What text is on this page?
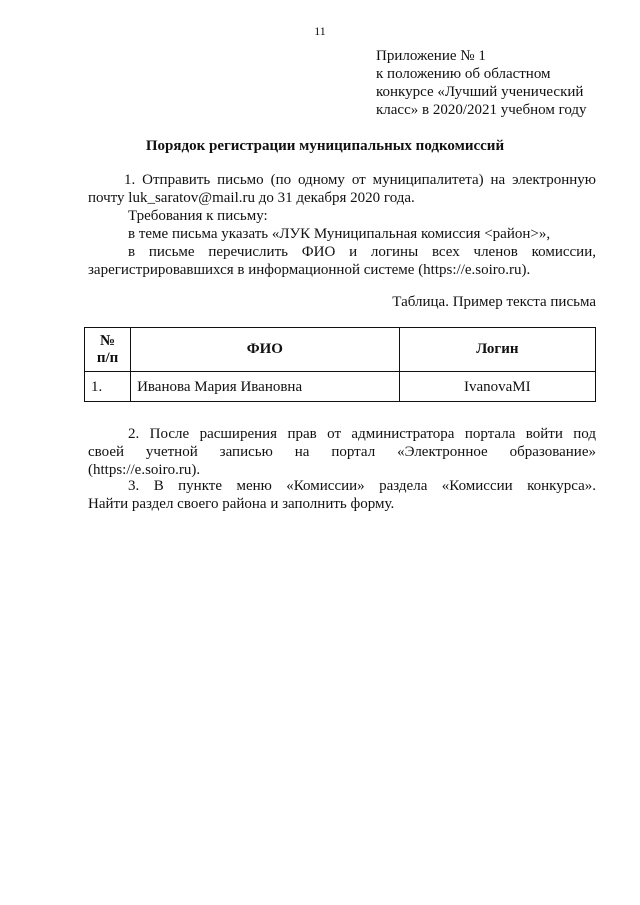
11
Приложение № 1
к положению об областном
конкурсе «Лучший ученический
класс» в 2020/2021 учебном году
Порядок регистрации муниципальных подкомиссий
1. Отправить письмо (по одному от муниципалитета) на электронную
почту luk_saratov@mail.ru до 31 декабря 2020 года.
Требования к письму:
в теме письма указать «ЛУК Муниципальная комиссия <район>»,
в письме перечислить ФИО и логины всех членов комиссии,
зарегистрировавшихся в информационной системе (https://e.soiro.ru).
Таблица. Пример текста письма
№
п/п	ФИО	Логин
1.	Иванова Мария Ивановна	IvanovaMI
2. После расширения прав от администратора портала войти под
своей учетной записью на портал «Электронное образование»
(https://e.soiro.ru).
3. В пункте меню «Комиссии» раздела «Комиссии конкурса».
Найти раздел своего района и заполнить форму.
